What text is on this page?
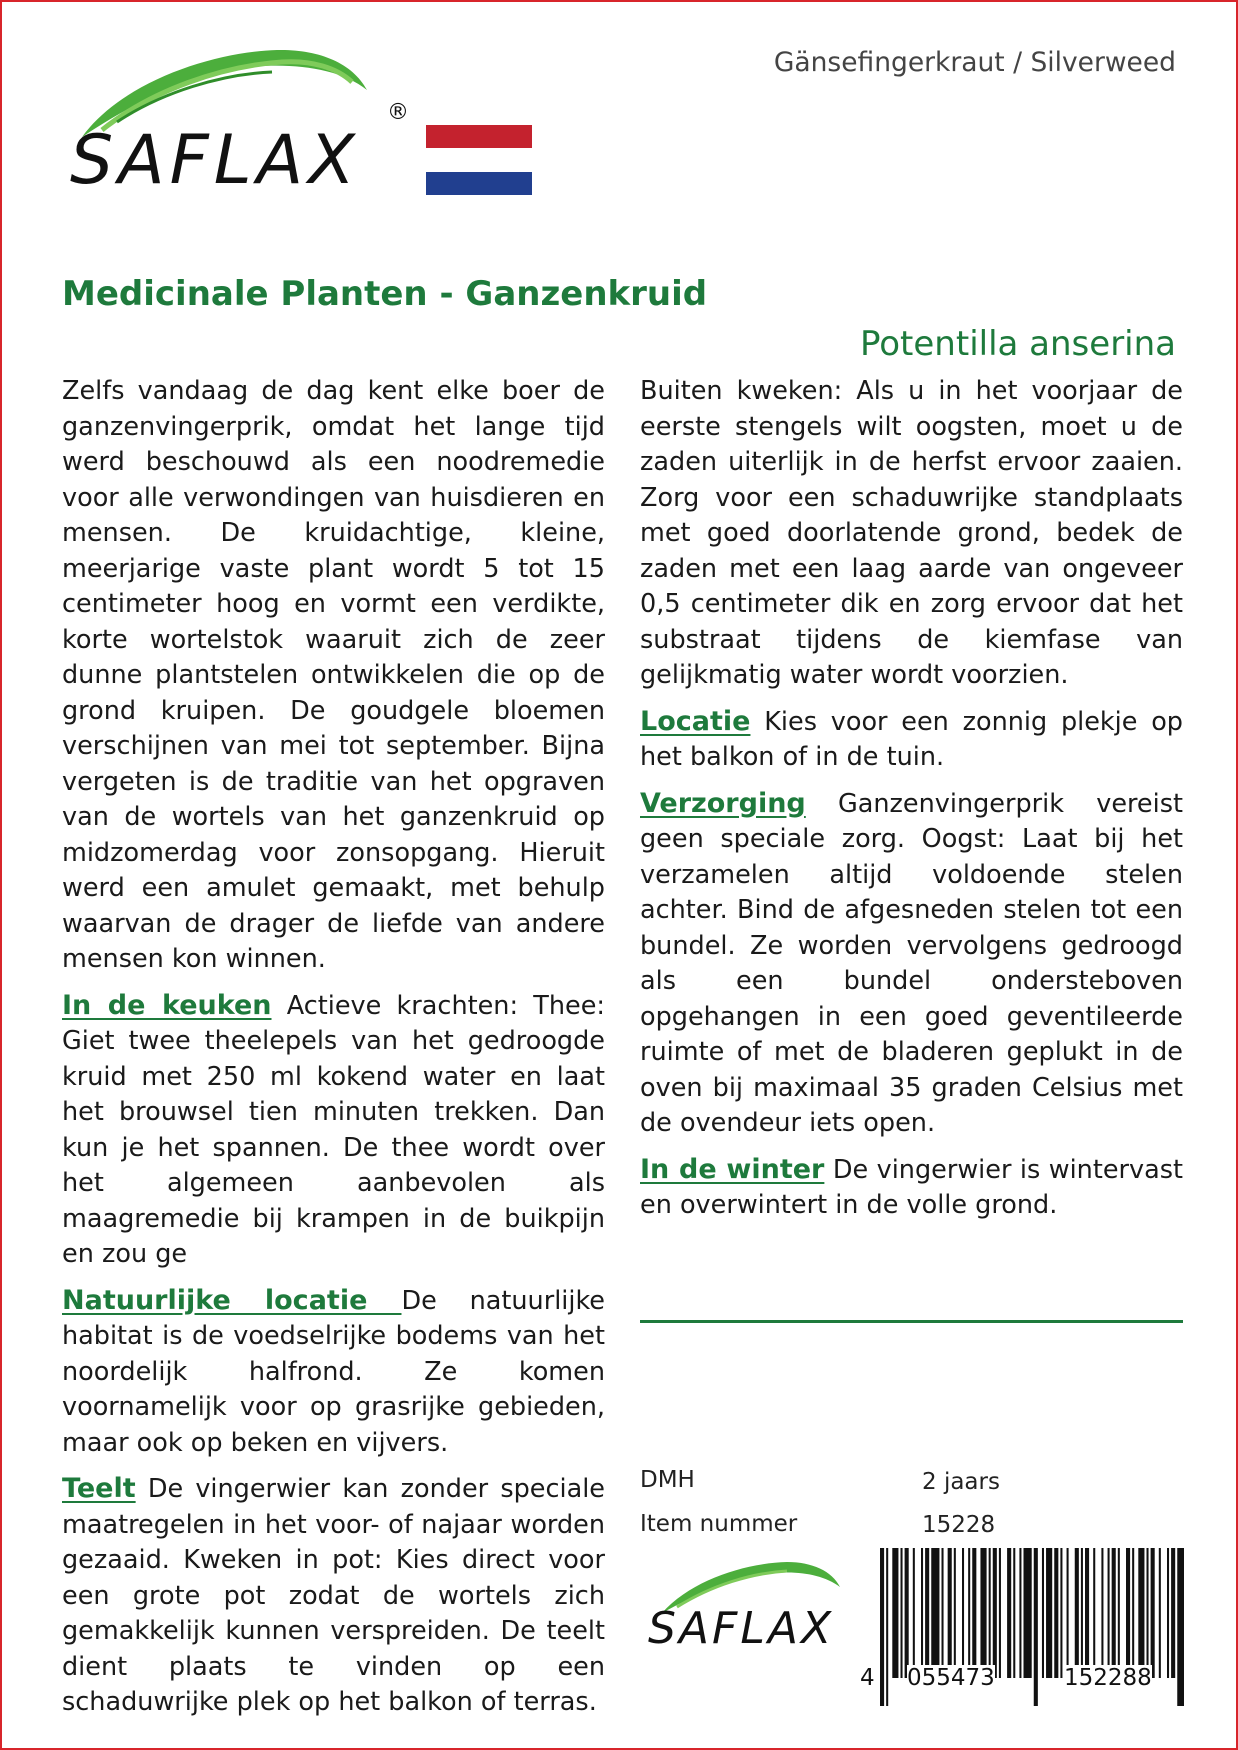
SAFLAX
®
Gänsefingerkraut / Silverweed
Medicinale Planten - Ganzenkruid
Potentilla anserina

Zelfs vandaag de dag kent elke boer de ganzenvingerprik, omdat het lange tijd werd beschouwd als een noodremedie voor alle verwondingen van huisdieren en mensen. De kruidachtige, kleine, meerjarige vaste plant wordt 5 tot 15 centimeter hoog en vormt een verdikte, korte wortelstok waaruit zich de zeer dunne plantstelen ontwikkelen die op de grond kruipen. De goudgele bloemen verschijnen van mei tot september. Bijna vergeten is de traditie van het opgraven van de wortels van het ganzenkruid op midzomerdag voor zonsopgang. Hieruit werd een amulet gemaakt, met behulp waarvan de drager de liefde van andere mensen kon winnen.

In de keuken Actieve krachten: Thee: Giet twee theelepels van het gedroogde kruid met 250 ml kokend water en laat het brouwsel tien minuten trekken. Dan kun je het spannen. De thee wordt over het algemeen aanbevolen als maagremedie bij krampen in de buikpijn en zou ge

Natuurlijke locatie De natuurlijke habitat is de voedselrijke bodems van het noordelijk halfrond. Ze komen voornamelijk voor op grasrijke gebieden, maar ook op beken en vijvers.

Teelt De vingerwier kan zonder speciale maatregelen in het voor- of najaar worden gezaaid. Kweken in pot: Kies direct voor een grote pot zodat de wortels zich gemakkelijk kunnen verspreiden. De teelt dient plaats te vinden op een schaduwrijke plek op het balkon of terras.

Buiten kweken: Als u in het voorjaar de eerste stengels wilt oogsten, moet u de zaden uiterlijk in de herfst ervoor zaaien. Zorg voor een schaduwrijke standplaats met goed doorlatende grond, bedek de zaden met een laag aarde van ongeveer 0,5 centimeter dik en zorg ervoor dat het substraat tijdens de kiemfase van gelijkmatig water wordt voorzien.

Locatie Kies voor een zonnig plekje op het balkon of in de tuin.

Verzorging Ganzenvingerprik vereist geen speciale zorg. Oogst: Laat bij het verzamelen altijd voldoende stelen achter. Bind de afgesneden stelen tot een bundel. Ze worden vervolgens gedroogd als een bundel ondersteboven opgehangen in een goed geventileerde ruimte of met de bladeren geplukt in de oven bij maximaal 35 graden Celsius met de ovendeur iets open.

In de winter De vingerwier is wintervast en overwintert in de volle grond.

DMH	2 jaars
Item nummer	15228
SAFLAX
4 055473	152288
